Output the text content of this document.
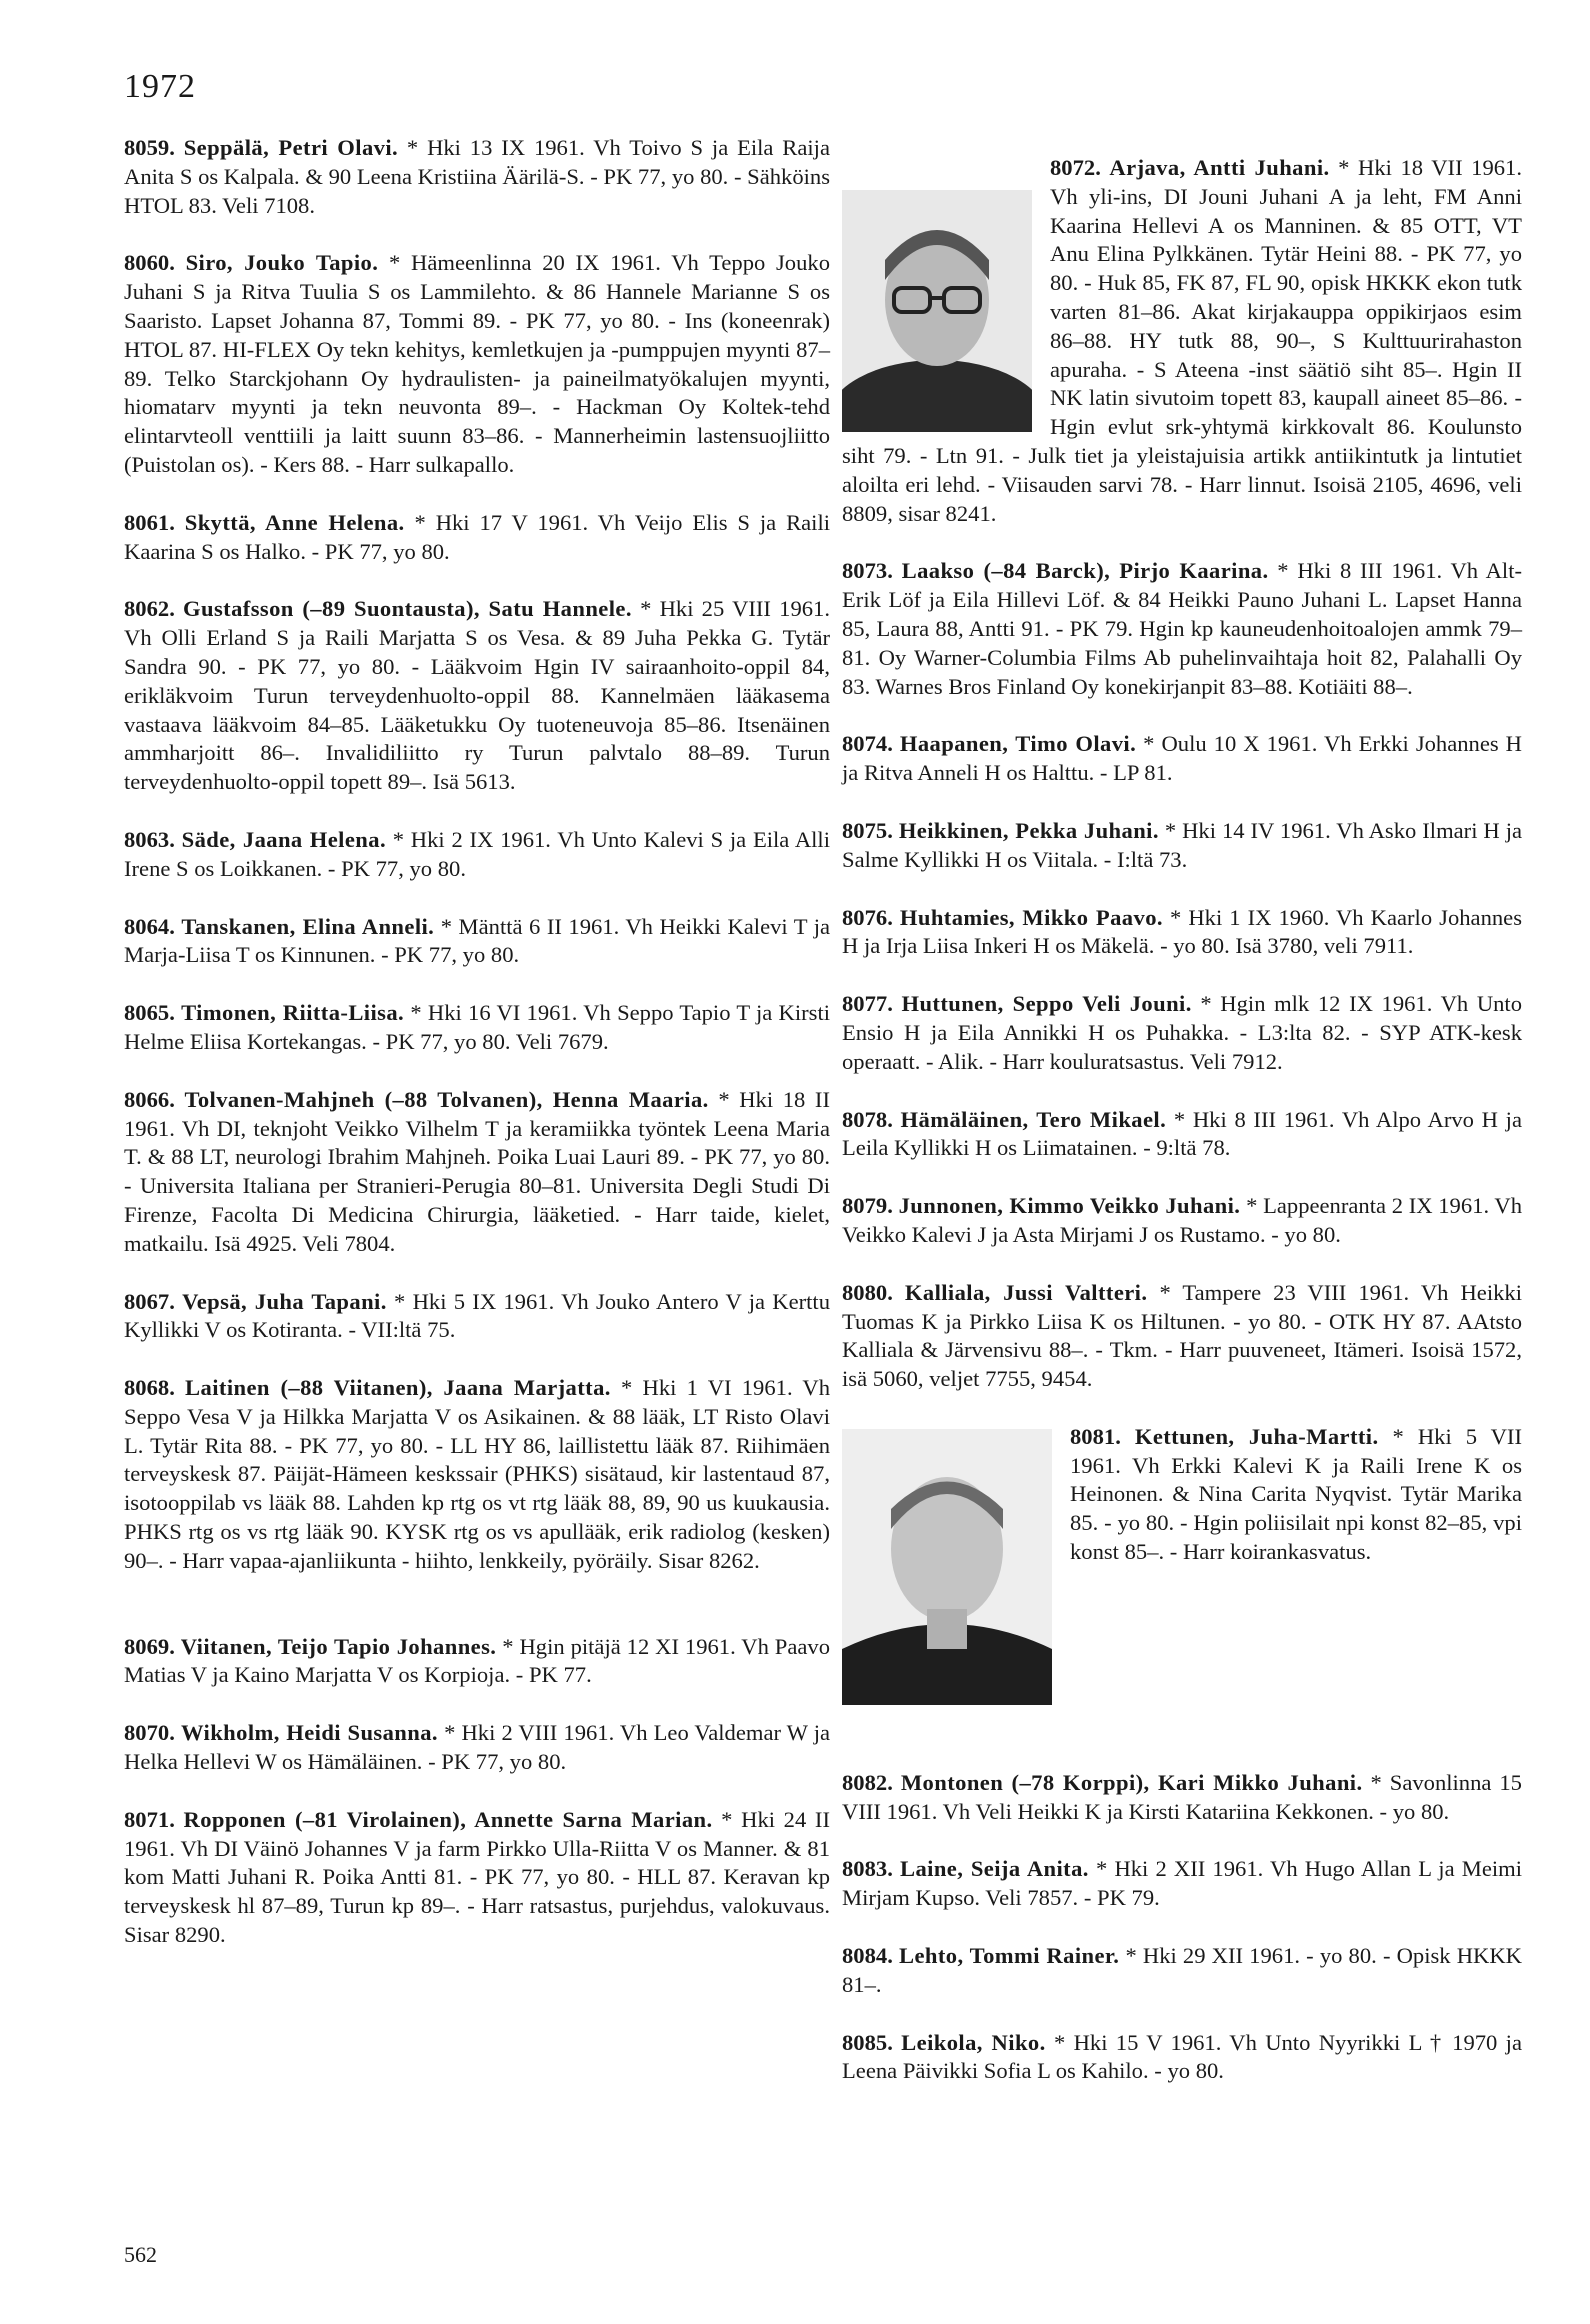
1972

8059. Seppälä, Petri Olavi. * Hki 13 IX 1961. Vh Toivo S ja Eila Raija Anita S os Kalpala. & 90 Leena Kristiina Äärilä-S. - PK 77, yo 80. - Sähköins HTOL 83. Veli 7108.

8060. Siro, Jouko Tapio. * Hämeenlinna 20 IX 1961. Vh Teppo Jouko Juhani S ja Ritva Tuulia S os Lammilehto. & 86 Hannele Marianne S os Saaristo. Lapset Johanna 87, Tommi 89. - PK 77, yo 80. - Ins (koneenrak) HTOL 87. HI-FLEX Oy tekn kehitys, kemletkujen ja -pumppujen myynti 87–89. Telko Starckjohann Oy hydraulisten- ja paineilmatyökalujen myynti, hiomatarv myynti ja tekn neuvonta 89–. - Hackman Oy Koltek-tehd elintarvteoll venttiili ja laitt suunn 83–86. - Mannerheimin lastensuojliitto (Puistolan os). - Kers 88. - Harr sulkapallo.

8061. Skyttä, Anne Helena. * Hki 17 V 1961. Vh Veijo Elis S ja Raili Kaarina S os Halko. - PK 77, yo 80.

8062. Gustafsson (–89 Suontausta), Satu Hannele. * Hki 25 VIII 1961. Vh Olli Erland S ja Raili Marjatta S os Vesa. & 89 Juha Pekka G. Tytär Sandra 90. - PK 77, yo 80. - Lääkvoim Hgin IV sairaanhoito-oppil 84, erikläkvoim Turun terveydenhuolto-oppil 88. Kannelmäen lääkasema vastaava lääkvoim 84–85. Lääketukku Oy tuoteneuvoja 85–86. Itsenäinen ammharjoitt 86–. Invalidiliitto ry Turun palvtalo 88–89. Turun terveydenhuolto-oppil topett 89–. Isä 5613.

8063. Säde, Jaana Helena. * Hki 2 IX 1961. Vh Unto Kalevi S ja Eila Alli Irene S os Loikkanen. - PK 77, yo 80.

8064. Tanskanen, Elina Anneli. * Mänttä 6 II 1961. Vh Heikki Kalevi T ja Marja-Liisa T os Kinnunen. - PK 77, yo 80.

8065. Timonen, Riitta-Liisa. * Hki 16 VI 1961. Vh Seppo Tapio T ja Kirsti Helme Eliisa Kortekangas. - PK 77, yo 80. Veli 7679.

8066. Tolvanen-Mahjneh (–88 Tolvanen), Henna Maaria. * Hki 18 II 1961. Vh DI, teknjoht Veikko Vilhelm T ja keramiikka työntek Leena Maria T. & 88 LT, neurologi Ibrahim Mahjneh. Poika Luai Lauri 89. - PK 77, yo 80. - Universita Italiana per Stranieri-Perugia 80–81. Universita Degli Studi Di Firenze, Facolta Di Medicina Chirurgia, lääketied. - Harr taide, kielet, matkailu. Isä 4925. Veli 7804.

8067. Vepsä, Juha Tapani. * Hki 5 IX 1961. Vh Jouko Antero V ja Kerttu Kyllikki V os Kotiranta. - VII:ltä 75.

8068. Laitinen (–88 Viitanen), Jaana Marjatta. * Hki 1 VI 1961. Vh Seppo Vesa V ja Hilkka Marjatta V os Asikainen. & 88 lääk, LT Risto Olavi L. Tytär Rita 88. - PK 77, yo 80. - LL HY 86, laillistettu lääk 87. Riihimäen terveyskesk 87. Päijät-Hämeen keskssair (PHKS) sisätaud, kir lastentaud 87, isotooppilab vs lääk 88. Lahden kp rtg os vt rtg lääk 88, 89, 90 us kuukausia. PHKS rtg os vs rtg lääk 90. KYSK rtg os vs apullääk, erik radiolog (kesken) 90–. - Harr vapaa-ajanliikunta - hiihto, lenkkeily, pyöräily. Sisar 8262.

8069. Viitanen, Teijo Tapio Johannes. * Hgin pitäjä 12 XI 1961. Vh Paavo Matias V ja Kaino Marjatta V os Korpioja. - PK 77.

8070. Wikholm, Heidi Susanna. * Hki 2 VIII 1961. Vh Leo Valdemar W ja Helka Hellevi W os Hämäläinen. - PK 77, yo 80.

8071. Ropponen (–81 Virolainen), Annette Sarna Marian. * Hki 24 II 1961. Vh DI Väinö Johannes V ja farm Pirkko Ulla-Riitta V os Manner. & 81 kom Matti Juhani R. Poika Antti 81. - PK 77, yo 80. - HLL 87. Keravan kp terveyskesk hl 87–89, Turun kp 89–. - Harr ratsastus, purjehdus, valokuvaus. Sisar 8290.

8072. Arjava, Antti Juhani. * Hki 18 VII 1961. Vh yli-ins, DI Jouni Juhani A ja leht, FM Anni Kaarina Hellevi A os Manninen. & 85 OTT, VT Anu Elina Pylkkänen. Tytär Heini 88. - PK 77, yo 80. - Huk 85, FK 87, FL 90, opisk HKKK ekon tutk varten 81–86. Akat kirjakauppa oppikirjaos esim 86–88. HY tutk 88, 90–, S Kulttuurirahaston apuraha. - S Ateena -inst säätiö siht 85–. Hgin II NK latin sivutoim topett 83, kaupall aineet 85–86. - Hgin evlut srk-yhtymä kirkkovalt 86. Koulunsto siht 79. - Ltn 91. - Julk tiet ja yleistajuisia artikk antiikintutk ja lintutiet aloilta eri lehd. - Viisauden sarvi 78. - Harr linnut. Isoisä 2105, 4696, veli 8809, sisar 8241.

8073. Laakso (–84 Barck), Pirjo Kaarina. * Hki 8 III 1961. Vh Alt-Erik Löf ja Eila Hillevi Löf. & 84 Heikki Pauno Juhani L. Lapset Hanna 85, Laura 88, Antti 91. - PK 79. Hgin kp kauneudenhoitoalojen ammk 79–81. Oy Warner-Columbia Films Ab puhelinvaihtaja hoit 82, Palahalli Oy 83. Warnes Bros Finland Oy konekirjanpit 83–88. Kotiäiti 88–.

8074. Haapanen, Timo Olavi. * Oulu 10 X 1961. Vh Erkki Johannes H ja Ritva Anneli H os Halttu. - LP 81.

8075. Heikkinen, Pekka Juhani. * Hki 14 IV 1961. Vh Asko Ilmari H ja Salme Kyllikki H os Viitala. - I:ltä 73.

8076. Huhtamies, Mikko Paavo. * Hki 1 IX 1960. Vh Kaarlo Johannes H ja Irja Liisa Inkeri H os Mäkelä. - yo 80. Isä 3780, veli 7911.

8077. Huttunen, Seppo Veli Jouni. * Hgin mlk 12 IX 1961. Vh Unto Ensio H ja Eila Annikki H os Puhakka. - L3:lta 82. - SYP ATK-kesk operaatt. - Alik. - Harr kouluratsastus. Veli 7912.

8078. Hämäläinen, Tero Mikael. * Hki 8 III 1961. Vh Alpo Arvo H ja Leila Kyllikki H os Liimatainen. - 9:ltä 78.

8079. Junnonen, Kimmo Veikko Juhani. * Lappeenranta 2 IX 1961. Vh Veikko Kalevi J ja Asta Mirjami J os Rustamo. - yo 80.

8080. Kalliala, Jussi Valtteri. * Tampere 23 VIII 1961. Vh Heikki Tuomas K ja Pirkko Liisa K os Hiltunen. - yo 80. - OTK HY 87. AAtsto Kalliala & Järvensivu 88–. - Tkm. - Harr puuveneet, Itämeri. Isoisä 1572, isä 5060, veljet 7755, 9454.

8081. Kettunen, Juha-Martti. * Hki 5 VII 1961. Vh Erkki Kalevi K ja Raili Irene K os Heinonen. & Nina Carita Nyqvist. Tytär Marika 85. - yo 80. - Hgin poliisilait npi konst 82–85, vpi konst 85–. - Harr koirankasvatus.

8082. Montonen (–78 Korppi), Kari Mikko Juhani. * Savonlinna 15 VIII 1961. Vh Veli Heikki K ja Kirsti Katariina Kekkonen. - yo 80.

8083. Laine, Seija Anita. * Hki 2 XII 1961. Vh Hugo Allan L ja Meimi Mirjam Kupso. Veli 7857. - PK 79.

8084. Lehto, Tommi Rainer. * Hki 29 XII 1961. - yo 80. - Opisk HKKK 81–.

8085. Leikola, Niko. * Hki 15 V 1961. Vh Unto Nyyrikki L † 1970 ja Leena Päivikki Sofia L os Kahilo. - yo 80.

562
